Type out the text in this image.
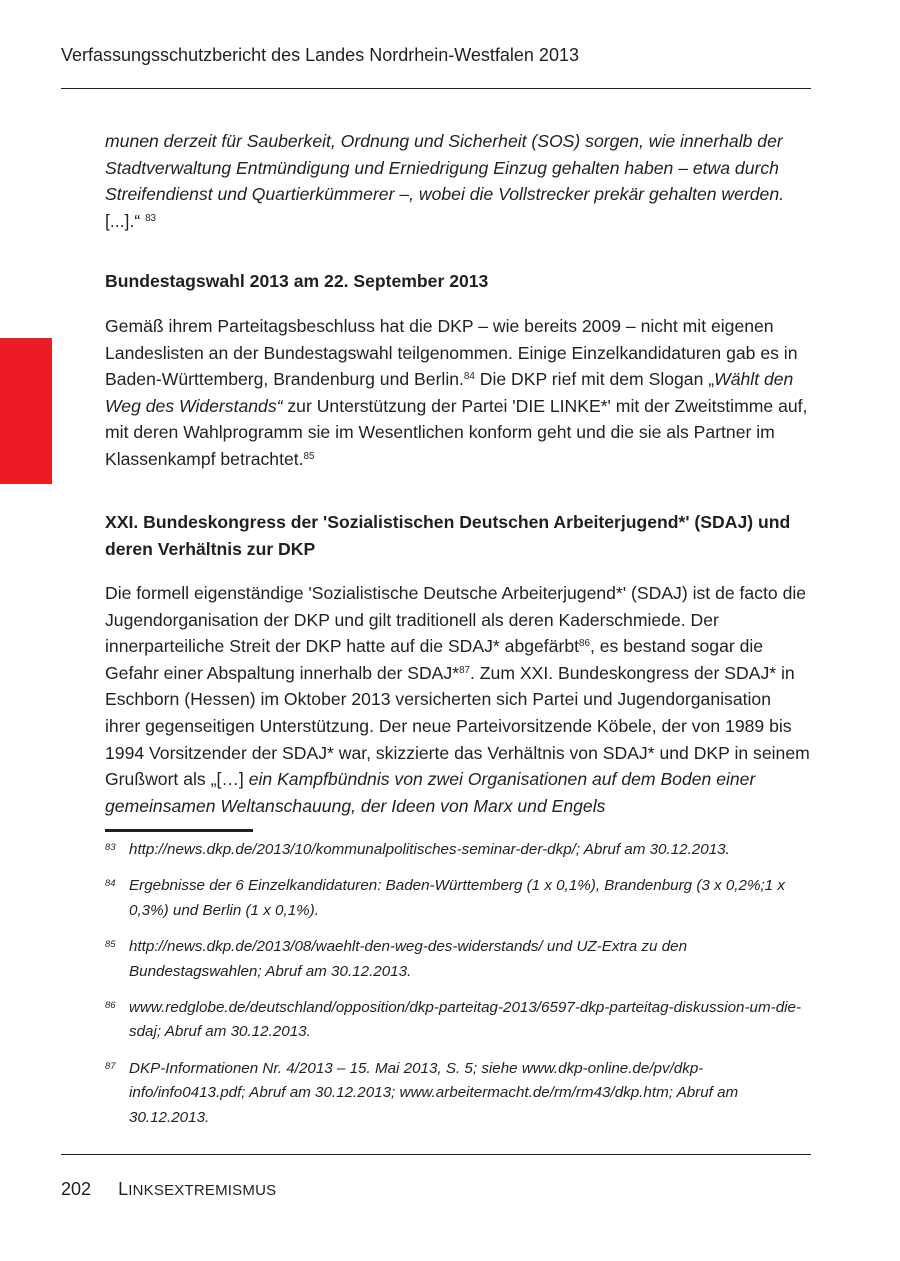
Verfassungsschutzbericht des Landes Nordrhein-Westfalen 2013

munen derzeit für Sauberkeit, Ordnung und Sicherheit (SOS) sorgen, wie innerhalb der Stadtverwaltung Entmündigung und Erniedrigung Einzug gehalten haben – etwa durch Streifendienst und Quartierkümmerer –, wobei die Vollstrecker prekär gehalten werden. [...].“ $^{83}$

Bundestagswahl 2013 am 22. September 2013

Gemäß ihrem Parteitagsbeschluss hat die DKP – wie bereits 2009 – nicht mit eigenen Landeslisten an der Bundestagswahl teilgenommen. Einige Einzelkandidaturen gab es in Baden-Württemberg, Brandenburg und Berlin.$^{84}$ Die DKP rief mit dem Slogan „Wählt den Weg des Widerstands“ zur Unterstützung der Partei 'DIE LINKE*' mit der Zweitstimme auf, mit deren Wahlprogramm sie im Wesentlichen konform geht und die sie als Partner im Klassenkampf betrachtet.$^{85}$

XXI. Bundeskongress der 'Sozialistischen Deutschen Arbeiterjugend*' (SDAJ) und deren Verhältnis zur DKP

Die formell eigenständige 'Sozialistische Deutsche Arbeiterjugend*' (SDAJ) ist de facto die Jugendorganisation der DKP und gilt traditionell als deren Kaderschmiede. Der innerparteiliche Streit der DKP hatte auf die SDAJ* abgefärbt$^{86}$, es bestand sogar die Gefahr einer Abspaltung innerhalb der SDAJ*$^{87}$. Zum XXI. Bundeskongress der SDAJ* in Eschborn (Hessen) im Oktober 2013 versicherten sich Partei und Jugendorganisation ihrer gegenseitigen Unterstützung. Der neue Parteivorsitzende Köbele, der von 1989 bis 1994 Vorsitzender der SDAJ* war, skizzierte das Verhältnis von SDAJ* und DKP in seinem Grußwort als „[…] ein Kampfbündnis von zwei Organisationen auf dem Boden einer gemeinsamen Weltanschauung, der Ideen von Marx und Engels

83 http://news.dkp.de/2013/10/kommunalpolitisches-seminar-der-dkp/; Abruf am 30.12.2013.
84 Ergebnisse der 6 Einzelkandidaturen: Baden-Württemberg (1 x 0,1%), Brandenburg (3 x 0,2%;1 x 0,3%) und Berlin (1 x 0,1%).
85 http://news.dkp.de/2013/08/waehlt-den-weg-des-widerstands/ und UZ-Extra zu den Bundestagswahlen; Abruf am 30.12.2013.
86 www.redglobe.de/deutschland/opposition/dkp-parteitag-2013/6597-dkp-parteitag-diskussion-um-die-sdaj; Abruf am 30.12.2013.
87 DKP-Informationen Nr. 4/2013 – 15. Mai 2013, S. 5; siehe www.dkp-online.de/pv/dkp-info/info0413.pdf; Abruf am 30.12.2013; www.arbeitermacht.de/rm/rm43/dkp.htm; Abruf am 30.12.2013.
202 LINKSEXTREMISMUS
